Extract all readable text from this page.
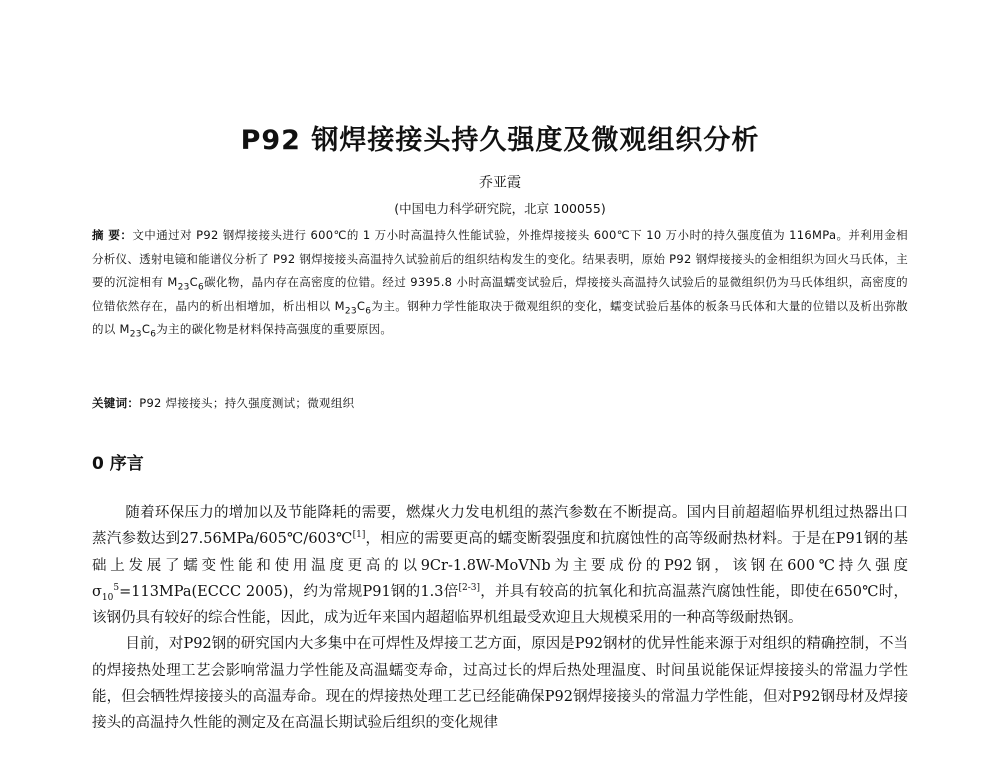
P92 钢焊接接头持久强度及微观组织分析
乔亚霞
(中国电力科学研究院，北京 100055)
摘 要：文中通过对 P92 钢焊接接头进行 600℃的 1 万小时高温持久性能试验，外推焊接接头 600℃下 10 万小时的持久强度值为 116MPa。并利用金相分析仪、透射电镜和能谱仪分析了 P92 钢焊接接头高温持久试验前后的组织结构发生的变化。结果表明，原始 P92 钢焊接接头的金相组织为回火马氏体，主要的沉淀相有 $M_{23}C_6$碳化物，晶内存在高密度的位错。经过 9395.8 小时高温蠕变试验后，焊接接头高温持久试验后的显微组织仍为马氏体组织，高密度的位错依然存在，晶内的析出相增加，析出相以 $M_{23}C_6$为主。钢种力学性能取决于微观组织的变化，蠕变试验后基体的板条马氏体和大量的位错以及析出弥散的以 $M_{23}C_6$为主的碳化物是材料保持高强度的重要原因。
关键词：P92 焊接接头；持久强度测试；微观组织
0 序言

随着环保压力的增加以及节能降耗的需要，燃煤火力发电机组的蒸汽参数在不断提高。国内目前超超临界机组过热器出口蒸汽参数达到27.56MPa/605℃/603℃[1]，相应的需要更高的蠕变断裂强度和抗腐蚀性的高等级耐热材料。于是在P91钢的基础上发展了蠕变性能和使用温度更高的以9Cr-1.8W-MoVNb为主要成份的P92钢，该钢在600℃持久强度$\sigma_{10}^5=113MPa(ECCC$ 2005)，约为常规P91钢的1.3倍[2-3]，并具有较高的抗氧化和抗高温蒸汽腐蚀性能，即使在650℃时，该钢仍具有较好的综合性能，因此，成为近年来国内超超临界机组最受欢迎且大规模采用的一种高等级耐热钢。

目前，对P92钢的研究国内大多集中在可焊性及焊接工艺方面，原因是P92钢材的优异性能来源于对组织的精确控制，不当的焊接热处理工艺会影响常温力学性能及高温蠕变寿命，过高过长的焊后热处理温度、时间虽说能保证焊接接头的常温力学性能，但会牺牲焊接接头的高温寿命。现在的焊接热处理工艺已经能确保P92钢焊接接头的常温力学性能，但对P92钢母材及焊接接头的高温持久性能的测定及在高温长期试验后组织的变化规律
